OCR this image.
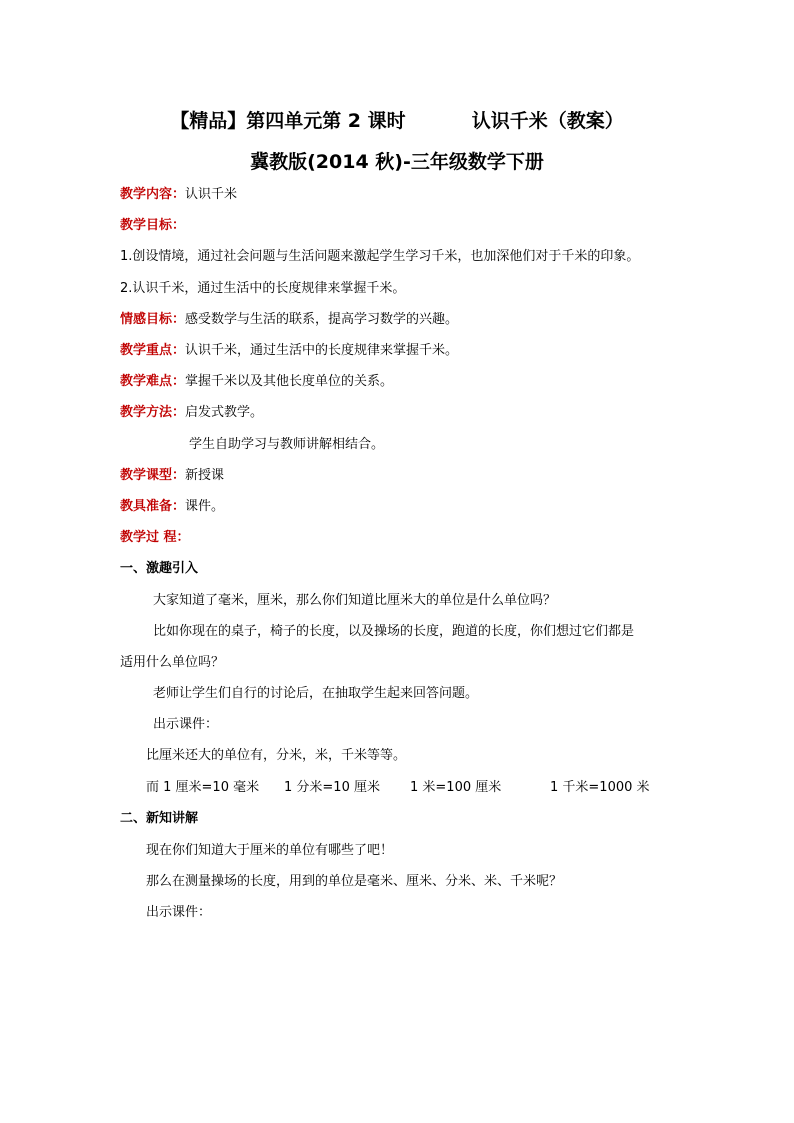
【精品】第四单元第 2 课时          认识千米（教案）
冀教版(2014 秋)-三年级数学下册
教学内容：认识千米
教学目标：
1.创设情境，通过社会问题与生活问题来激起学生学习千米，也加深他们对于千米的印象。
2.认识千米，通过生活中的长度规律来掌握千米。
情感目标：感受数学与生活的联系，提高学习数学的兴趣。
教学重点：认识千米，通过生活中的长度规律来掌握千米。
教学难点：掌握千米以及其他长度单位的关系。
教学方法：启发式教学。
学生自助学习与教师讲解相结合。
教学课型：新授课
教具准备：课件。
教学过 程：
一、激趣引入
大家知道了毫米，厘米，那么你们知道比厘米大的单位是什么单位吗？
比如你现在的桌子，椅子的长度，以及操场的长度，跑道的长度，你们想过它们都是
适用什么单位吗？
老师让学生们自行的讨论后，在抽取学生起来回答问题。
出示课件：
比厘米还大的单位有，分米，米，千米等等。
而 1 厘米=10 毫米 1 分米=10 厘米 1 米=100 厘米	1 千米=1000 米
二、新知讲解
现在你们知道大于厘米的单位有哪些了吧！
那么在测量操场的长度，用到的单位是毫米、厘米、分米、米、千米呢？
出示课件：
